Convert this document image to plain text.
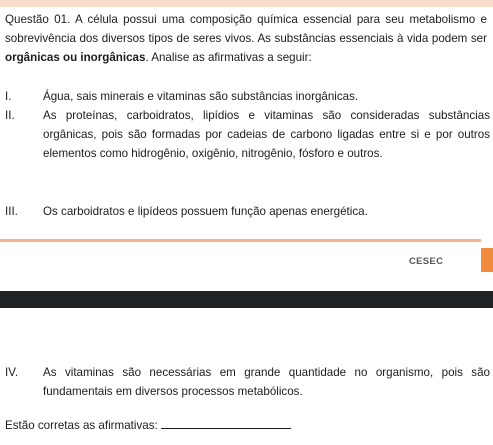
Questão 01. A célula possui uma composição química essencial para seu metabolismo e sobrevivência dos diversos tipos de seres vivos. As substâncias essenciais à vida podem ser orgânicas ou inorgânicas. Analise as afirmativas a seguir:

I.	Água, sais minerais e vitaminas são substâncias inorgânicas.
II. As proteínas, carboidratos, lipídios e vitaminas são consideradas substâncias orgânicas, pois são formadas por cadeias de carbono ligadas entre si e por outros elementos como hidrogênio, oxigênio, nitrogênio, fósforo e outros.
III. Os carboidratos e lipídeos possuem função apenas energética.
CESEC
IV. As vitaminas são necessárias em grande quantidade no organismo, pois são fundamentais em diversos processos metabólicos.
Estão corretas as afirmativas:
